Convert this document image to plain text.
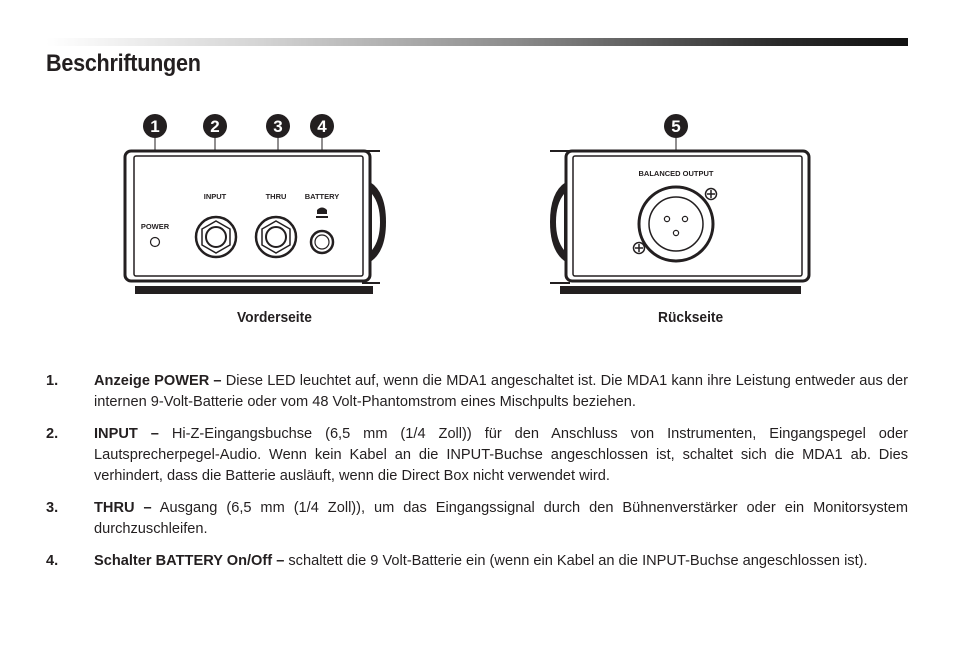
Beschriftungen
1	2	3 4	5
POWER
INPUT	THRU BATTERY
BALANCED OUTPUT
Vorderseite	Rückseite
1. Anzeige POWER – Diese LED leuchtet auf, wenn die MDA1 angeschaltet ist. Die MDA1 kann ihre Leistung entweder aus der internen 9-Volt-Batterie oder vom 48 Volt-Phantomstrom eines Mischpults beziehen.
2. INPUT – Hi-Z-Eingangsbuchse (6,5 mm (1/4 Zoll)) für den Anschluss von Instrumenten, Eingangspegel oder Lautsprecherpegel-Audio. Wenn kein Kabel an die INPUT-Buchse angeschlossen ist, schaltet sich die MDA1 ab. Dies verhindert, dass die Batterie ausläuft, wenn die Direct Box nicht verwendet wird.
3. THRU – Ausgang (6,5 mm (1/4 Zoll)), um das Eingangssignal durch den Bühnenverstärker oder ein Monitorsystem durchzuschleifen.
4. Schalter BATTERY On/Off – schaltett die 9 Volt-Batterie ein (wenn ein Kabel an die INPUT-Buchse angeschlossen ist).
